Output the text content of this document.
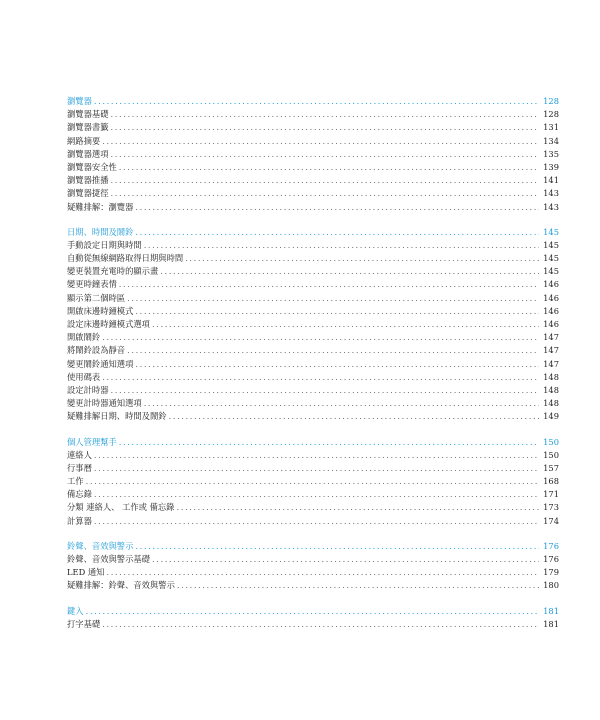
瀏覽器 .....	128
瀏覽器基礎 .....	128
瀏覽器書籤 .....	131
網路摘要 .....	134
瀏覽器選項 .....	135
瀏覽器安全性 .....	139
瀏覽器推播 .....	141
瀏覽器捷徑 .....	143
疑難排解：瀏覽器 .....	143
日期、時間及鬧鈴 .....	145
手動設定日期與時間 .....	145
自動從無線網路取得日期與時間 .....	145
變更裝置充電時的顯示畫 .....	145
變更時鐘表情 .....	146
顯示第二個時區 .....	146
開啟床邊時鐘模式 .....	146
設定床邊時鐘模式選項 .....	146
開啟鬧鈴 .....	147
將鬧鈴設為靜音 .....	147
變更鬧鈴通知選項 .....	147
使用碼表 .....	148
設定計時器 .....	148
變更計時器通知選項 .....	148
疑難排解日期、時間及鬧鈴 .....	149
個人管理幫手 .....	150
連絡人 .....	150
行事曆 .....	157
工作 .....	168
備忘錄 .....	171
分類 連絡人、 工作或 備忘錄 .....	173
計算器 .....	174
鈴聲、音效與警示 .....	176
鈴聲、音效與警示基礎 .....	176
LED 通知 .....	179
疑難排解：鈴聲、音效與警示 .....	180
鍵入 .....	181
打字基礎 .....	181
